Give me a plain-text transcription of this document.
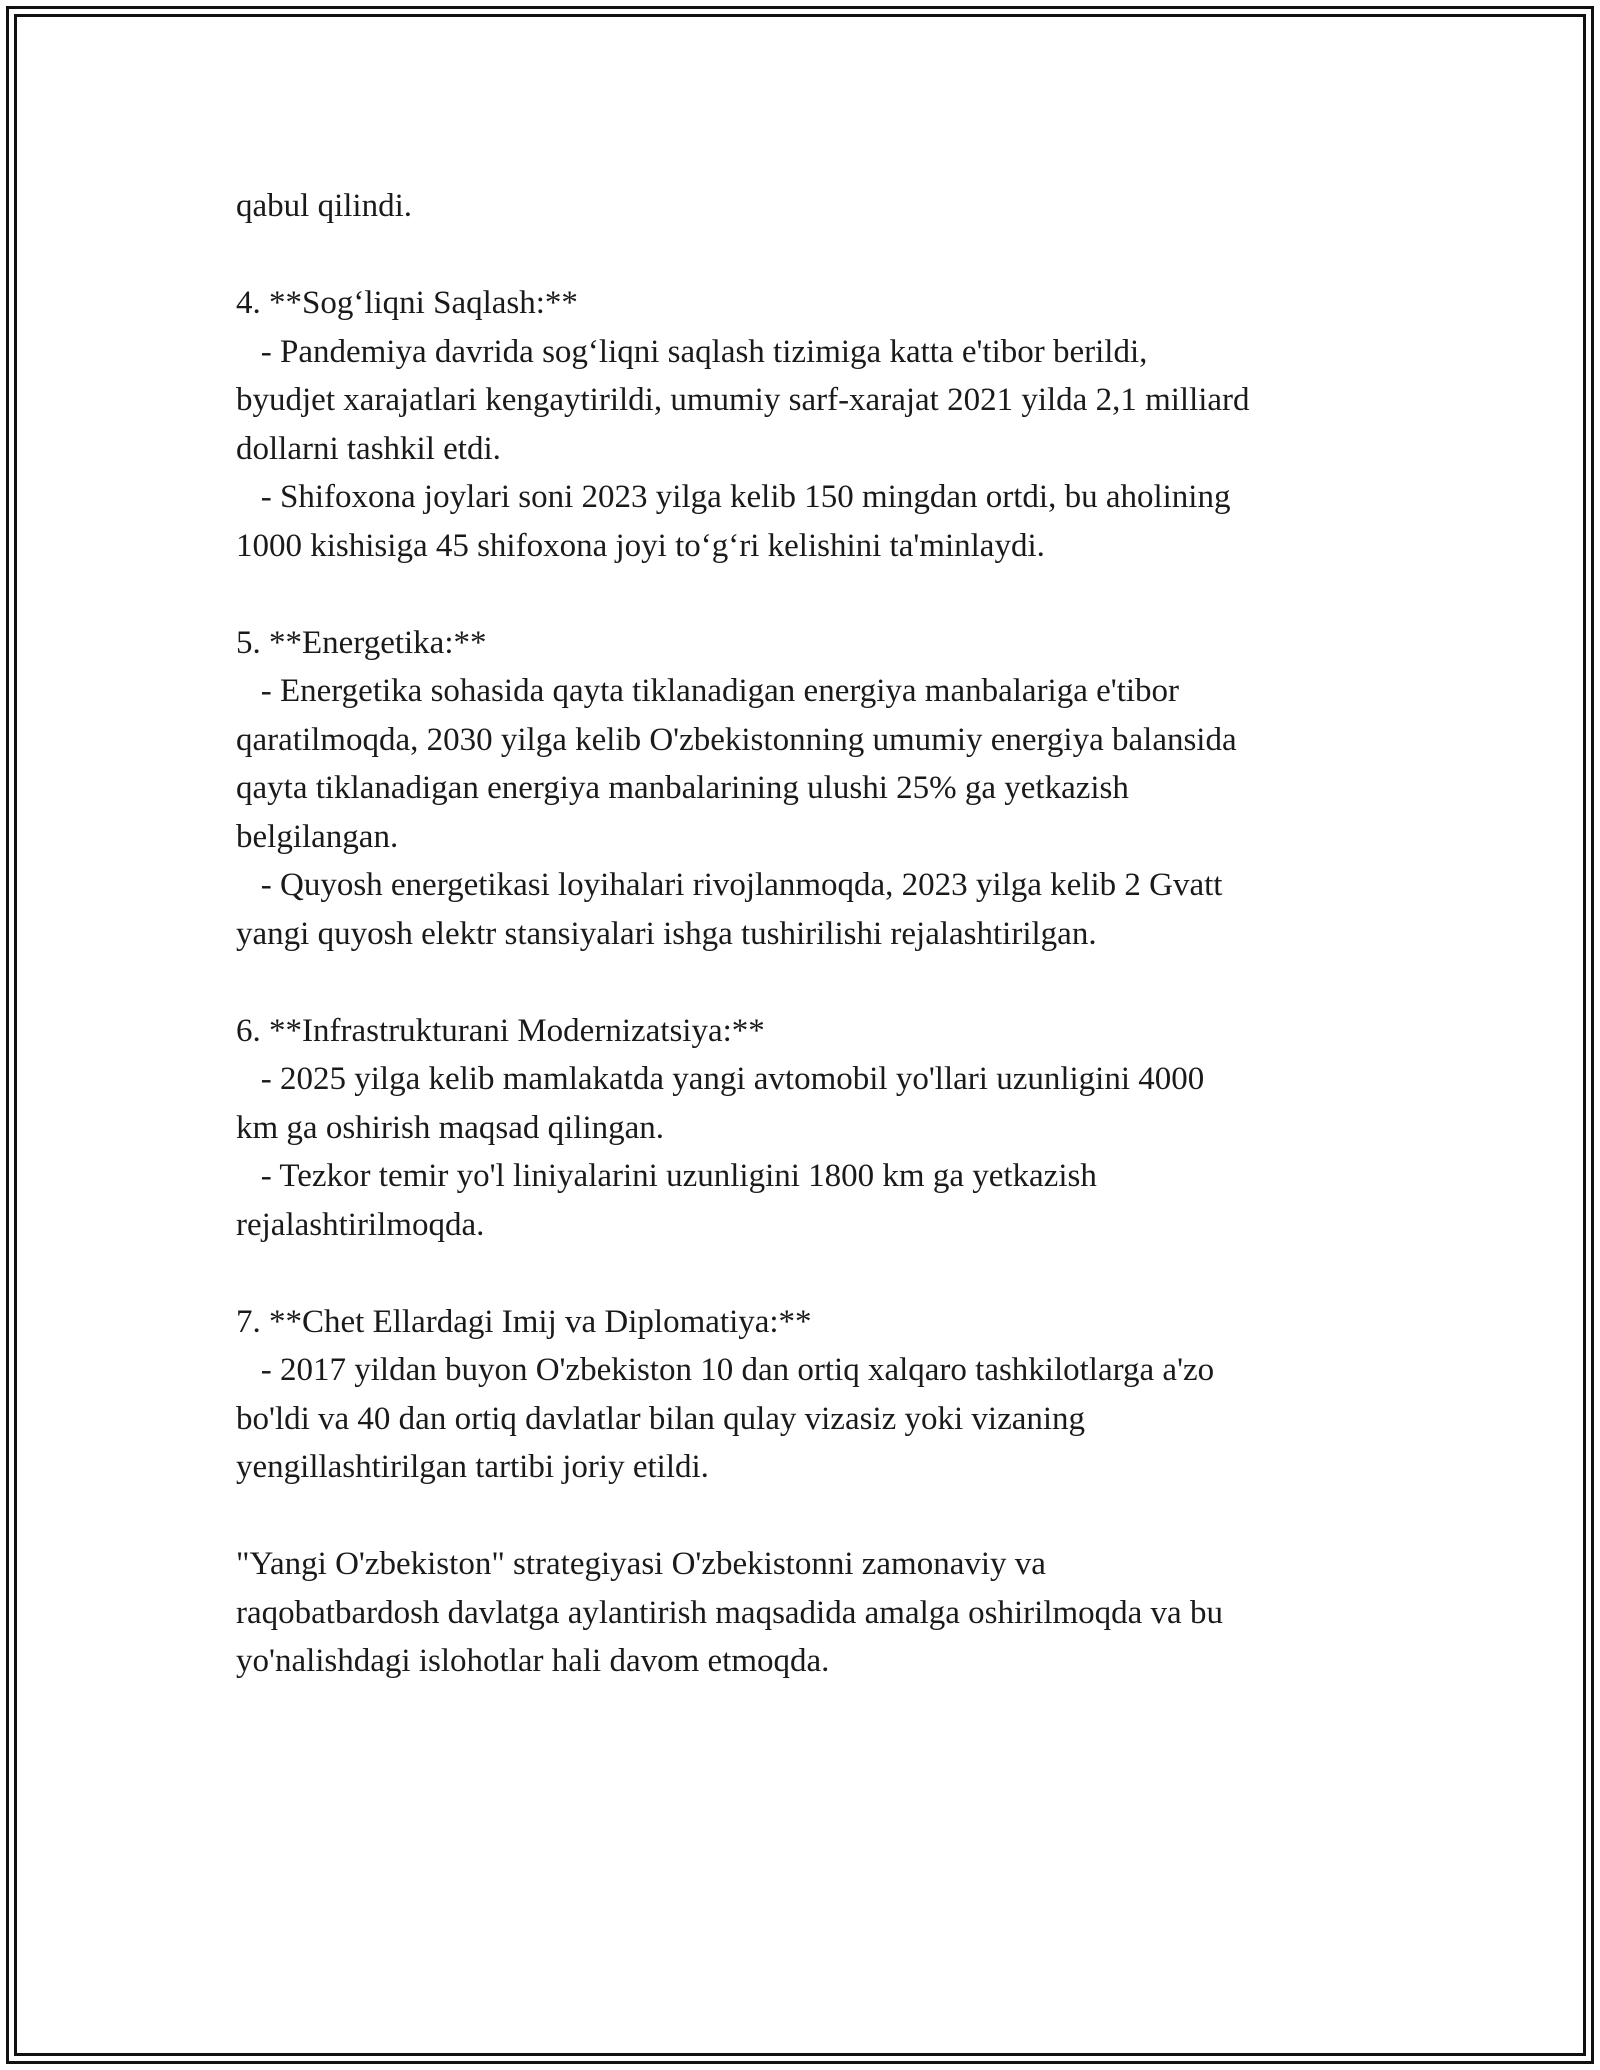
qabul qilindi.
4. **Sog‘liqni Saqlash:**
- Pandemiya davrida sog‘liqni saqlash tizimiga katta e'tibor berildi,
byudjet xarajatlari kengaytirildi, umumiy sarf-xarajat 2021 yilda 2,1 milliard
dollarni tashkil etdi.
- Shifoxona joylari soni 2023 yilga kelib 150 mingdan ortdi, bu aholining
1000 kishisiga 45 shifoxona joyi to‘g‘ri kelishini ta'minlaydi.
5. **Energetika:**
- Energetika sohasida qayta tiklanadigan energiya manbalariga e'tibor
qaratilmoqda, 2030 yilga kelib O'zbekistonning umumiy energiya balansida
qayta tiklanadigan energiya manbalarining ulushi 25% ga yetkazish
belgilangan.
- Quyosh energetikasi loyihalari rivojlanmoqda, 2023 yilga kelib 2 Gvatt
yangi quyosh elektr stansiyalari ishga tushirilishi rejalashtirilgan.
6. **Infrastrukturani Modernizatsiya:**
- 2025 yilga kelib mamlakatda yangi avtomobil yo'llari uzunligini 4000
km ga oshirish maqsad qilingan.
- Tezkor temir yo'l liniyalarini uzunligini 1800 km ga yetkazish
rejalashtirilmoqda.
7. **Chet Ellardagi Imij va Diplomatiya:**
- 2017 yildan buyon O'zbekiston 10 dan ortiq xalqaro tashkilotlarga a'zo
bo'ldi va 40 dan ortiq davlatlar bilan qulay vizasiz yoki vizaning
yengillashtirilgan tartibi joriy etildi.
"Yangi O'zbekiston" strategiyasi O'zbekistonni zamonaviy va
raqobatbardosh davlatga aylantirish maqsadida amalga oshirilmoqda va bu
yo'nalishdagi islohotlar hali davom etmoqda.
